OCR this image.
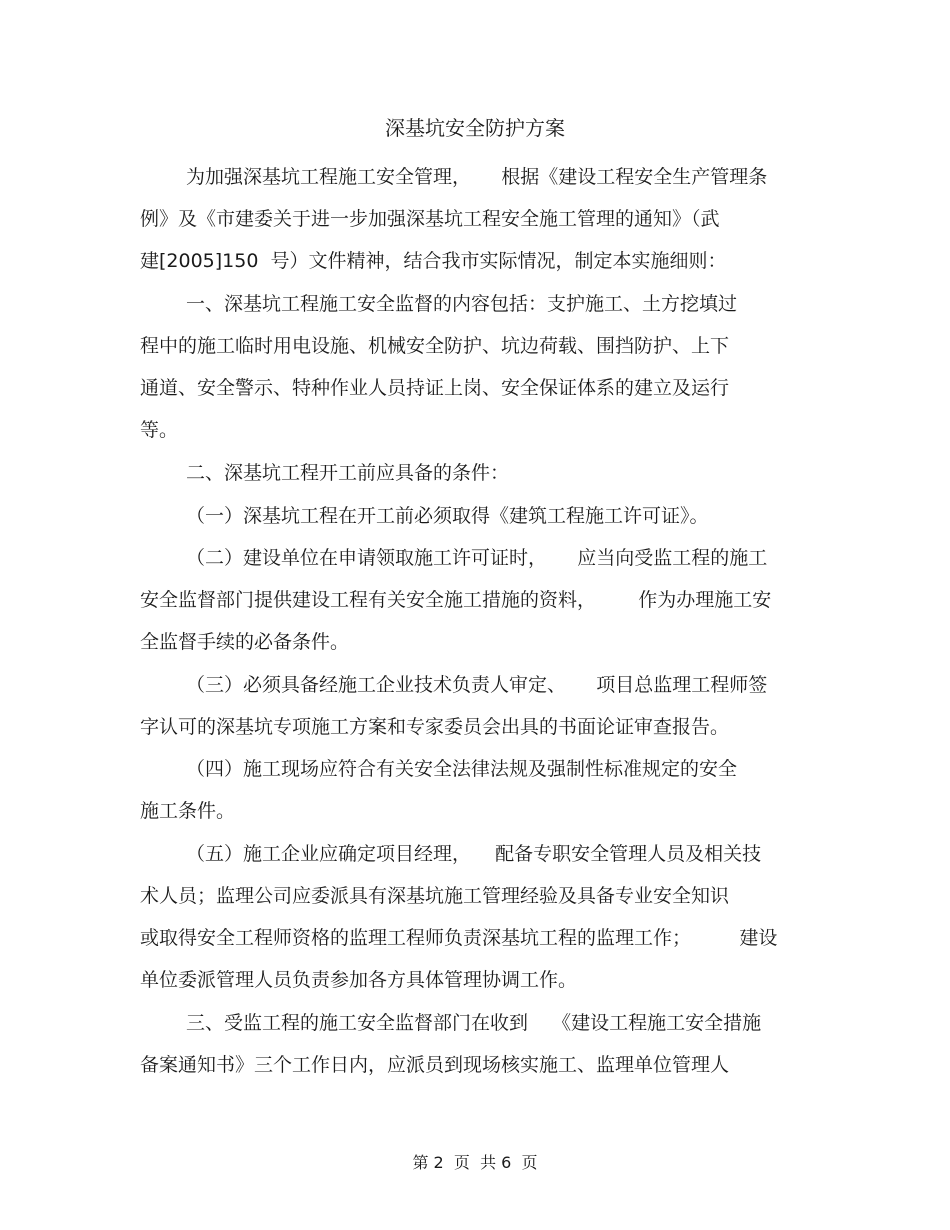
深基坑安全防护方案
为加强深基坑工程施工安全管理，     根据《建设工程安全生产管理条
例》及《市建委关于进一步加强深基坑工程安全施工管理的通知》（武
建[2005]150  号）文件精神，结合我市实际情况，制定本实施细则：
一、深基坑工程施工安全监督的内容包括：支护施工、土方挖填过
程中的施工临时用电设施、机械安全防护、坑边荷载、围挡防护、上下
通道、安全警示、特种作业人员持证上岗、安全保证体系的建立及运行
等。
二、深基坑工程开工前应具备的条件：
（一）深基坑工程在开工前必须取得《建筑工程施工许可证》。
（二）建设单位在申请领取施工许可证时，     应当向受监工程的施工
安全监督部门提供建设工程有关安全施工措施的资料，       作为办理施工安
全监督手续的必备条件。
（三）必须具备经施工企业技术负责人审定、     项目总监理工程师签
字认可的深基坑专项施工方案和专家委员会出具的书面论证审查报告。
（四）施工现场应符合有关安全法律法规及强制性标准规定的安全
施工条件。
（五）施工企业应确定项目经理，    配备专职安全管理人员及相关技
术人员；监理公司应委派具有深基坑施工管理经验及具备专业安全知识
或取得安全工程师资格的监理工程师负责深基坑工程的监理工作；        建设
单位委派管理人员负责参加各方具体管理协调工作。
三、受监工程的施工安全监督部门在收到    《建设工程施工安全措施
备案通知书》三个工作日内，应派员到现场核实施工、监理单位管理人
第 2  页  共 6  页
